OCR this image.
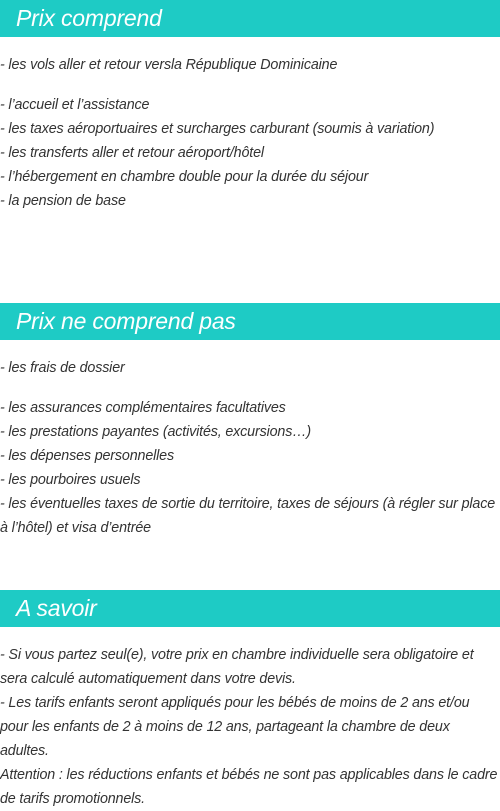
Prix comprend
- les vols aller et retour versla République Dominicaine
- l’accueil et l’assistance
- les taxes aéroportuaires et surcharges carburant (soumis à variation)
- les transferts aller et retour aéroport/hôtel
- l’hébergement en chambre double pour la durée du séjour
- la pension de base
Prix ne comprend pas
- les frais de dossier
- les assurances complémentaires facultatives
- les prestations payantes (activités, excursions…)
- les dépenses personnelles
- les pourboires usuels
- les éventuelles taxes de sortie du territoire, taxes de séjours (à régler sur place à l’hôtel) et visa d’entrée
A savoir
- Si vous partez seul(e), votre prix en chambre individuelle sera obligatoire et sera calculé automatiquement dans votre devis.
- Les tarifs enfants seront appliqués pour les bébés de moins de 2 ans et/ou pour les enfants de 2 à moins de 12 ans, partageant la chambre de deux adultes.
Attention : les réductions enfants et bébés ne sont pas applicables dans le cadre de tarifs promotionnels.
